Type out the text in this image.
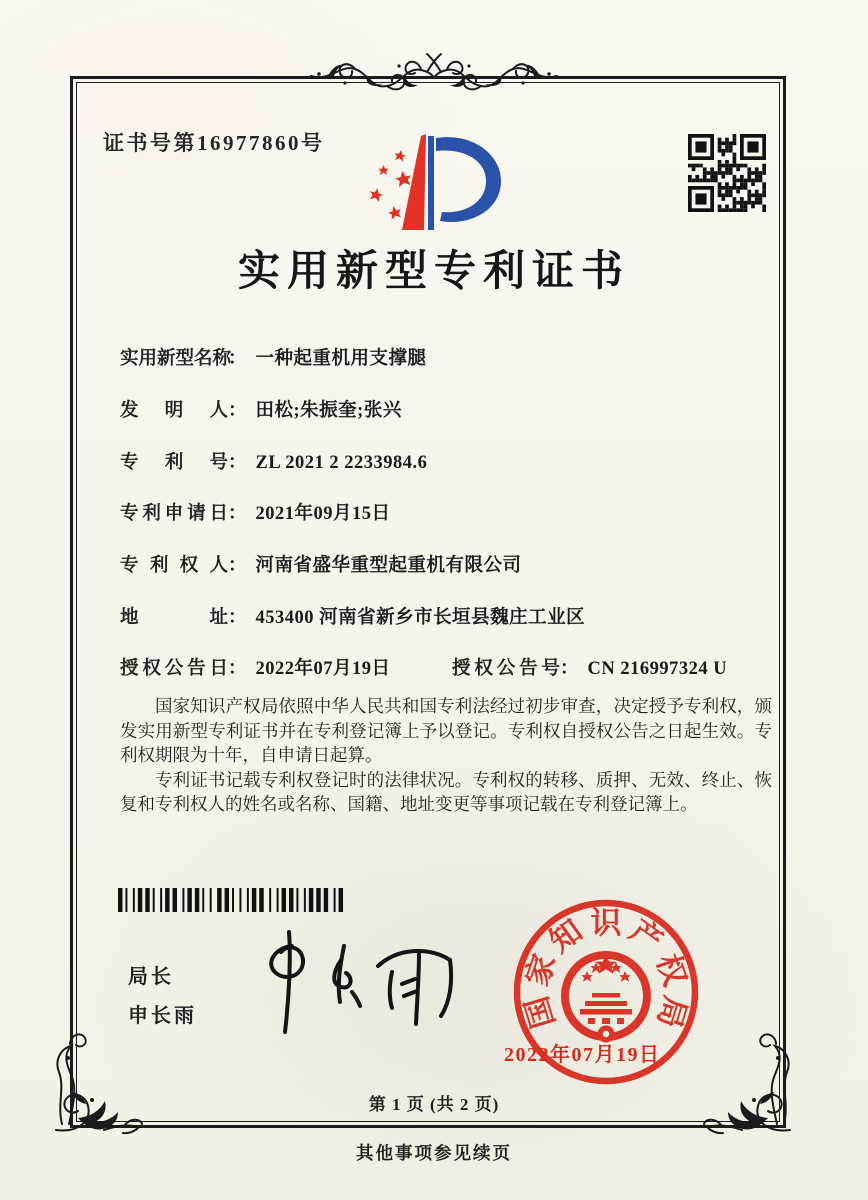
证书号第16977860号
实用新型专利证书
实用新型名称： 一种起重机用支撑腿
发明人： 田松;朱振奎;张兴
专利号： ZL 2021 2 2233984.6
专利申请日： 2021年09月15日
专利权人： 河南省盛华重型起重机有限公司
地址： 453400 河南省新乡市长垣县魏庄工业区
授权公告日： 2022年07月19日	授权公告号： CN 216997324 U

国家知识产权局依照中华人民共和国专利法经过初步审查，决定授予专利权，颁发实用新型专利证书并在专利登记簿上予以登记。专利权自授权公告之日起生效。专利权期限为十年，自申请日起算。

专利证书记载专利权登记时的法律状况。专利权的转移、质押、无效、终止、恢复和专利权人的姓名或名称、国籍、地址变更等事项记载在专利登记簿上。

局长
申长雨	国
家
知 识 产
权
局
2022年07月19日
第 1 页 (共 2 页)
其他事项参见续页
